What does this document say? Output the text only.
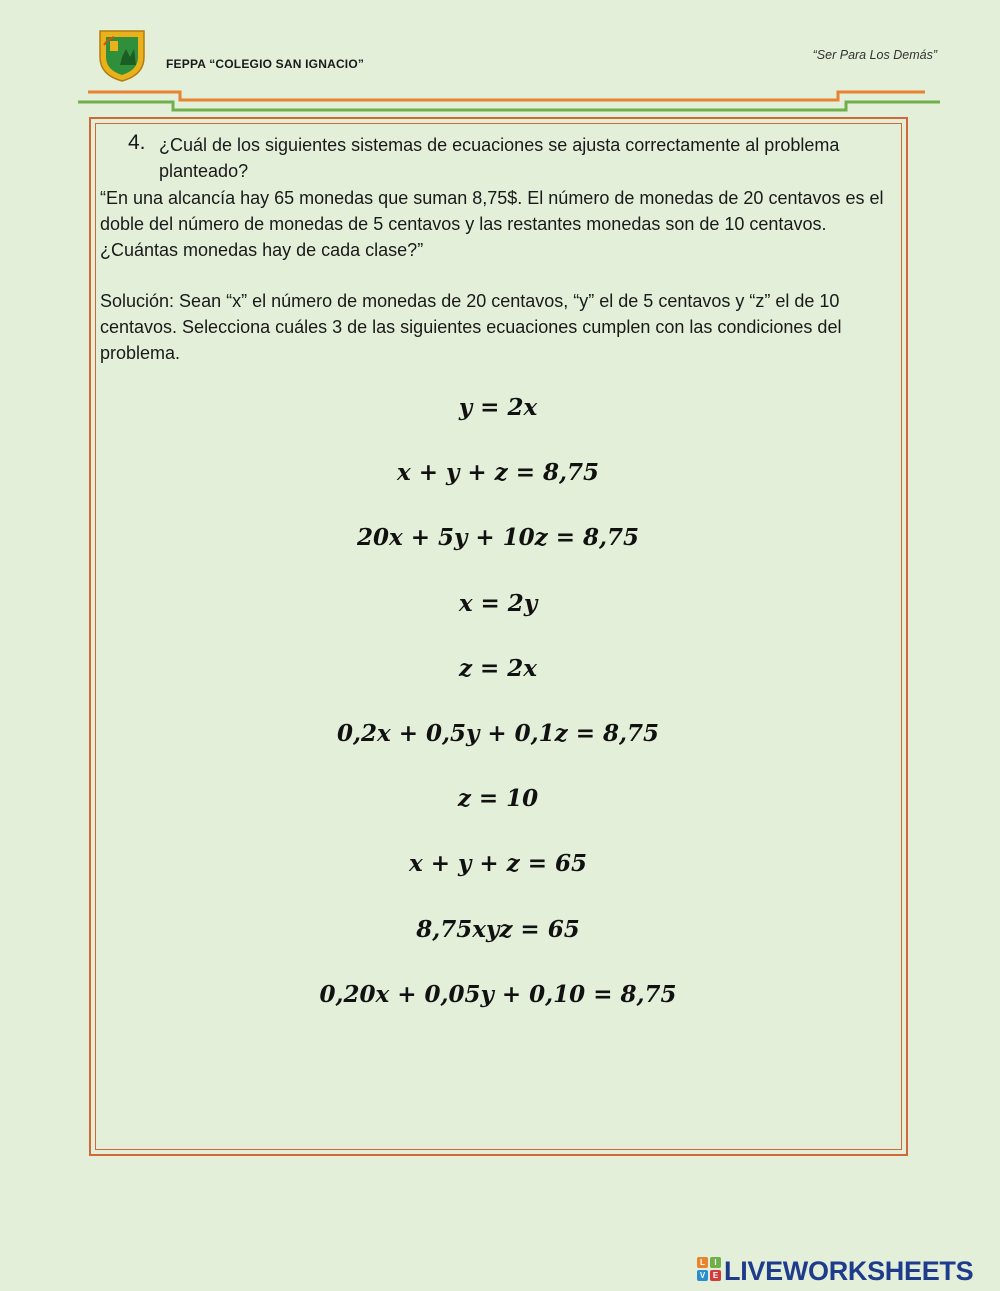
FEPPA “COLEGIO SAN IGNACIO”
“Ser Para Los Demás”
4. ¿Cuál de los siguientes sistemas de ecuaciones se ajusta correctamente al problema planteado?
“En una alcancía hay 65 monedas que suman 8,75$. El número de monedas de 20 centavos es el doble del número de monedas de 5 centavos y las restantes monedas son de 10 centavos. ¿Cuántas monedas hay de cada clase?”
Solución: Sean “x” el número de monedas de 20 centavos, “y” el de 5 centavos y “z” el de 10 centavos. Selecciona cuáles 3 de las siguientes ecuaciones cumplen con las condiciones del problema.
y = 2x
x + y + z = 8,75
20x + 5y + 10z = 8,75
x = 2y
z = 2x
0,2x + 0,5y + 0,1z = 8,75
z = 10
x + y + z = 65
8,75xyz = 65
0,20x + 0,05y + 0,10 = 8,75
L	I
V E LIVEWORKSHEETS
